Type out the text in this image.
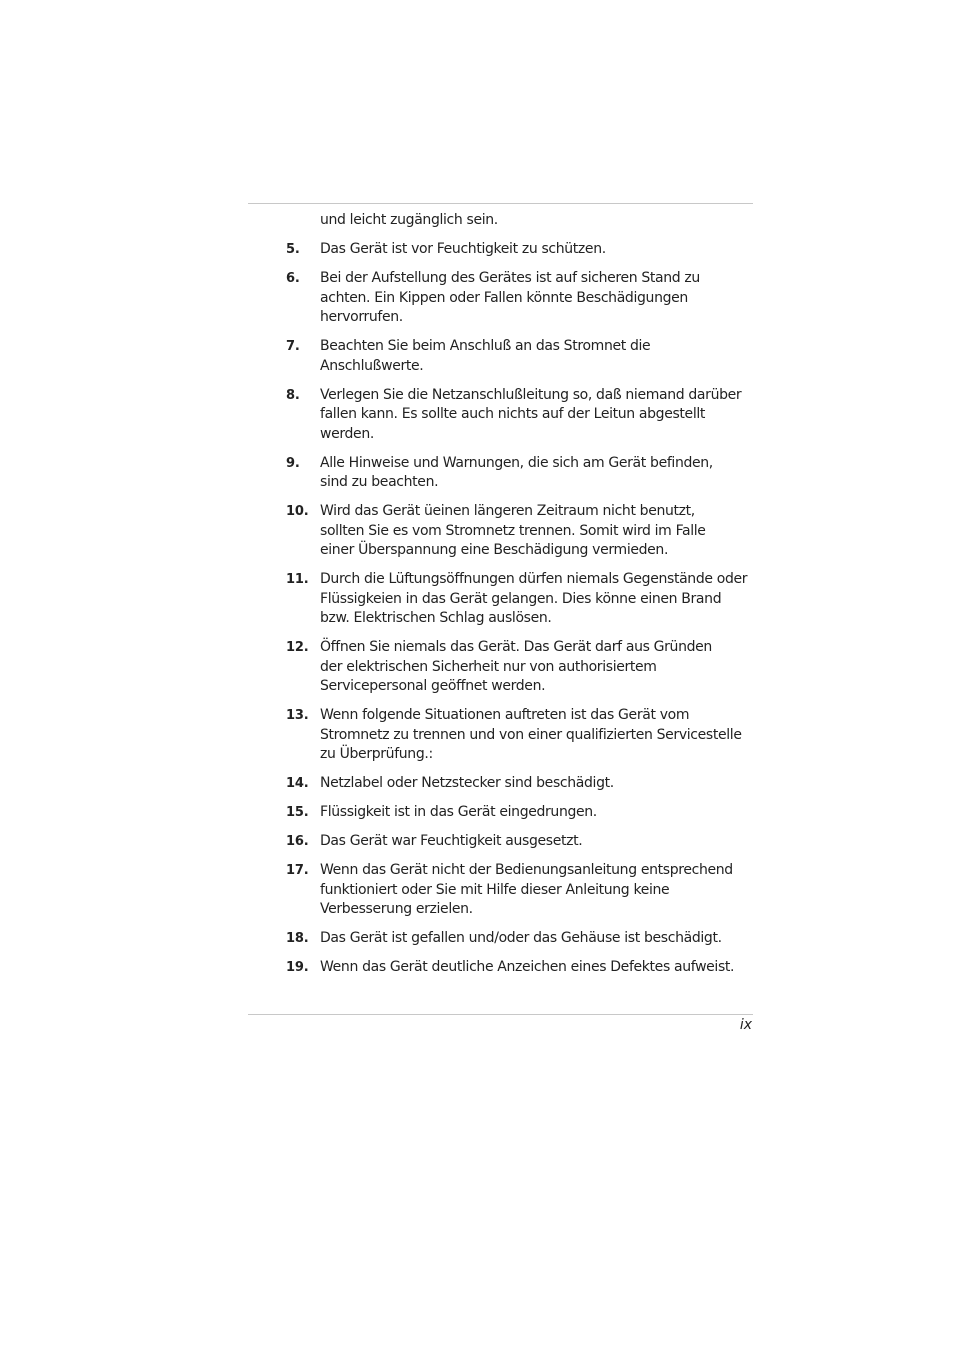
und leicht zugänglich sein.
5.	Das Gerät ist vor Feuchtigkeit zu schützen.
6.	Bei der Aufstellung des Gerätes ist auf sicheren Stand zu
achten. Ein Kippen oder Fallen könnte Beschädigungen
hervorrufen.
7.	Beachten Sie beim Anschluß an das Stromnet die
Anschlußwerte.
8.	Verlegen Sie die Netzanschlußleitung so, daß niemand darüber
fallen kann. Es sollte auch nichts auf der Leitun abgestellt
werden.
9.	Alle Hinweise und Warnungen, die sich am Gerät befinden,
sind zu beachten.
10. Wird das Gerät üeinen längeren Zeitraum nicht benutzt,
sollten Sie es vom Stromnetz trennen. Somit wird im Falle
einer Überspannung eine Beschädigung vermieden.
11. Durch die Lüftungsöffnungen dürfen niemals Gegenstände oder
Flüssigkeien in das Gerät gelangen. Dies könne einen Brand
bzw. Elektrischen Schlag auslösen.
12. Öffnen Sie niemals das Gerät. Das Gerät darf aus Gründen
der elektrischen Sicherheit nur von authorisiertem
Servicepersonal geöffnet werden.
13. Wenn folgende Situationen auftreten ist das Gerät vom
Stromnetz zu trennen und von einer qualifizierten Servicestelle
zu Überprüfung.:
14. Netzlabel oder Netzstecker sind beschädigt.
15. Flüssigkeit ist in das Gerät eingedrungen.
16. Das Gerät war Feuchtigkeit ausgesetzt.
17. Wenn das Gerät nicht der Bedienungsanleitung entsprechend
funktioniert oder Sie mit Hilfe dieser Anleitung keine
Verbesserung erzielen.
18. Das Gerät ist gefallen und/oder das Gehäuse ist beschädigt.
19. Wenn das Gerät deutliche Anzeichen eines Defektes aufweist.
ix
